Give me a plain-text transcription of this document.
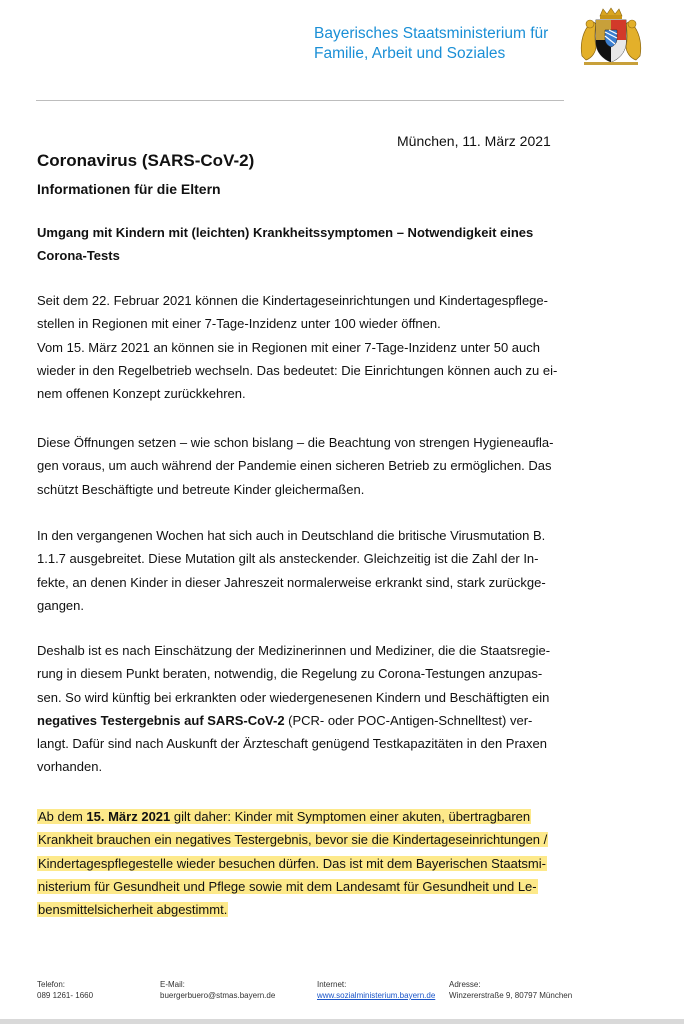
Bayerisches Staatsministerium für
Familie, Arbeit und Soziales
München, 11. März 2021
Coronavirus (SARS-CoV-2)
Informationen für die Eltern
Umgang mit Kindern mit (leichten) Krankheitssymptomen – Notwendigkeit eines
Corona-Tests
Seit dem 22. Februar 2021 können die Kindertageseinrichtungen und Kindertagespflege-
stellen in Regionen mit einer 7-Tage-Inzidenz unter 100 wieder öffnen.
Vom 15. März 2021 an können sie in Regionen mit einer 7-Tage-Inzidenz unter 50 auch
wieder in den Regelbetrieb wechseln. Das bedeutet: Die Einrichtungen können auch zu ei-
nem offenen Konzept zurückkehren.
Diese Öffnungen setzen – wie schon bislang – die Beachtung von strengen Hygieneaufla-
gen voraus, um auch während der Pandemie einen sicheren Betrieb zu ermöglichen. Das
schützt Beschäftigte und betreute Kinder gleichermaßen.
In den vergangenen Wochen hat sich auch in Deutschland die britische Virusmutation B.
1.1.7 ausgebreitet. Diese Mutation gilt als ansteckender. Gleichzeitig ist die Zahl der In-
fekte, an denen Kinder in dieser Jahreszeit normalerweise erkrankt sind, stark zurückge-
gangen.
Deshalb ist es nach Einschätzung der Medizinerinnen und Mediziner, die die Staatsregie-
rung in diesem Punkt beraten, notwendig, die Regelung zu Corona-Testungen anzupas-
sen. So wird künftig bei erkrankten oder wiedergenesenen Kindern und Beschäftigten ein
negatives Testergebnis auf SARS-CoV-2 (PCR- oder POC-Antigen-Schnelltest) ver-
langt. Dafür sind nach Auskunft der Ärzteschaft genügend Testkapazitäten in den Praxen
vorhanden.
Ab dem 15. März 2021 gilt daher: Kinder mit Symptomen einer akuten, übertragbaren
Krankheit brauchen ein negatives Testergebnis, bevor sie die Kindertageseinrichtungen /
Kindertagespflegestelle wieder besuchen dürfen. Das ist mit dem Bayerischen Staatsmi-
nisterium für Gesundheit und Pflege sowie mit dem Landesamt für Gesundheit und Le-
bensmittelsicherheit abgestimmt.
Telefon:
089 1261- 1660
E-Mail:
buergerbuero@stmas.bayern.de
Internet:
www.sozialministerium.bayern.de
Adresse:
Winzererstraße 9, 80797 München
